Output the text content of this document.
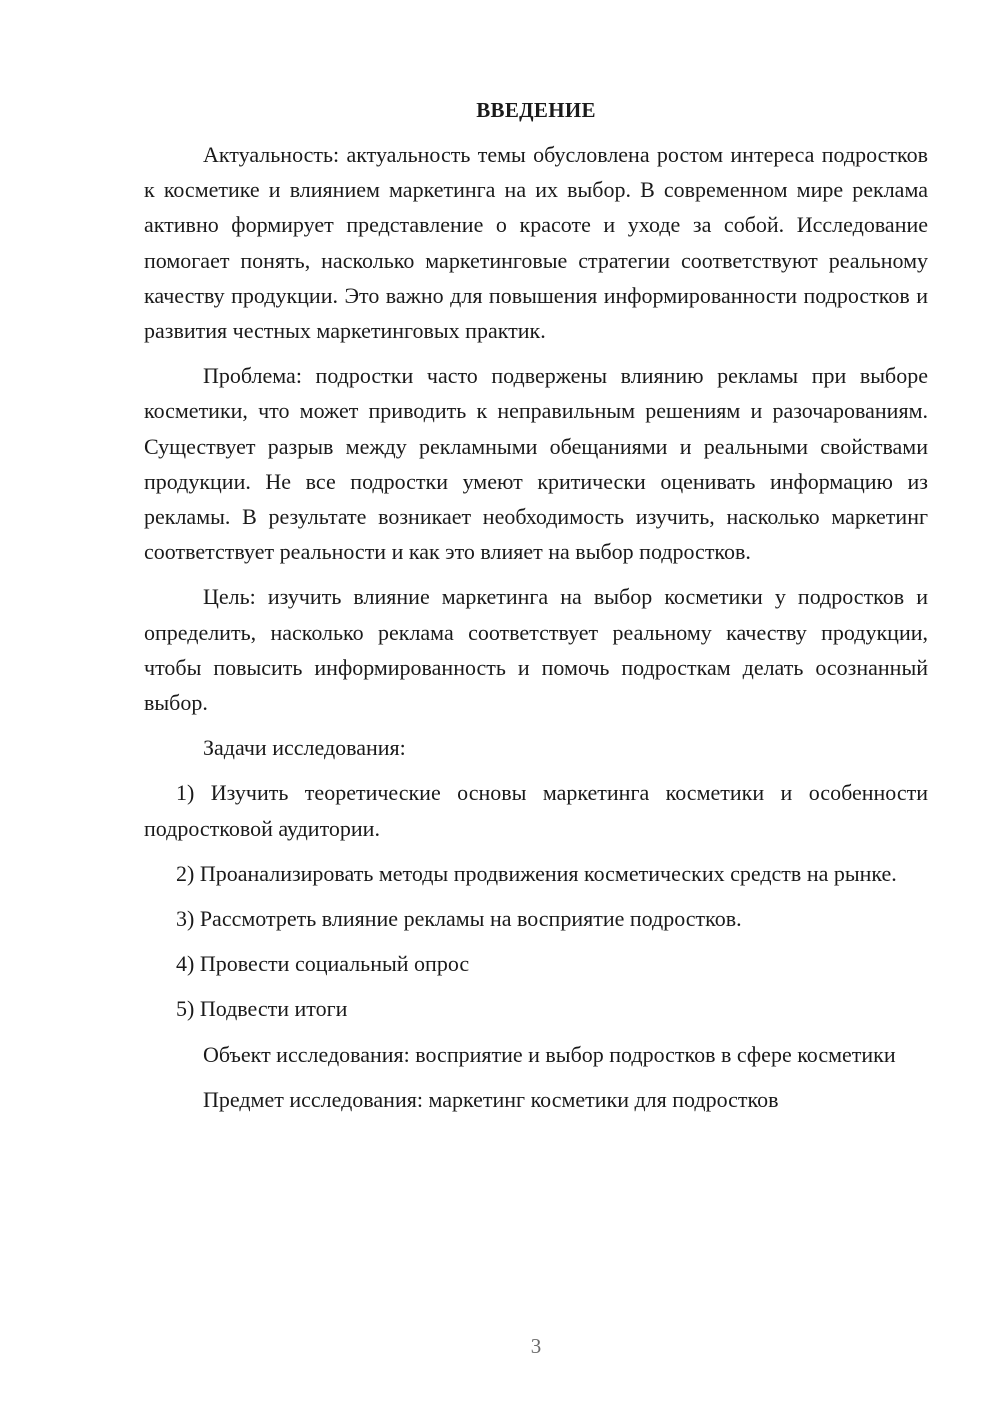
ВВЕДЕНИЕ

Актуальность: актуальность темы обусловлена ростом интереса подростков к косметике и влиянием маркетинга на их выбор. В современном мире реклама активно формирует представление о красоте и уходе за собой. Исследование помогает понять, насколько маркетинговые стратегии соответствуют реальному качеству продукции. Это важно для повышения информированности подростков и развития честных маркетинговых практик.

Проблема: подростки часто подвержены влиянию рекламы при выборе косметики, что может приводить к неправильным решениям и разочарованиям. Существует разрыв между рекламными обещаниями и реальными свойствами продукции. Не все подростки умеют критически оценивать информацию из рекламы. В результате возникает необходимость изучить, насколько маркетинг соответствует реальности и как это влияет на выбор подростков.

Цель: изучить влияние маркетинга на выбор косметики у подростков и определить, насколько реклама соответствует реальному качеству продукции, чтобы повысить информированность и помочь подросткам делать осознанный выбор.

Задачи исследования:

1) Изучить теоретические основы маркетинга косметики и особенности подростковой аудитории.

2) Проанализировать методы продвижения косметических средств на рынке.

3) Рассмотреть влияние рекламы на восприятие подростков.

4) Провести социальный опрос

5) Подвести итоги

Объект исследования: восприятие и выбор подростков в сфере косметики

Предмет исследования: маркетинг косметики для подростков

3
